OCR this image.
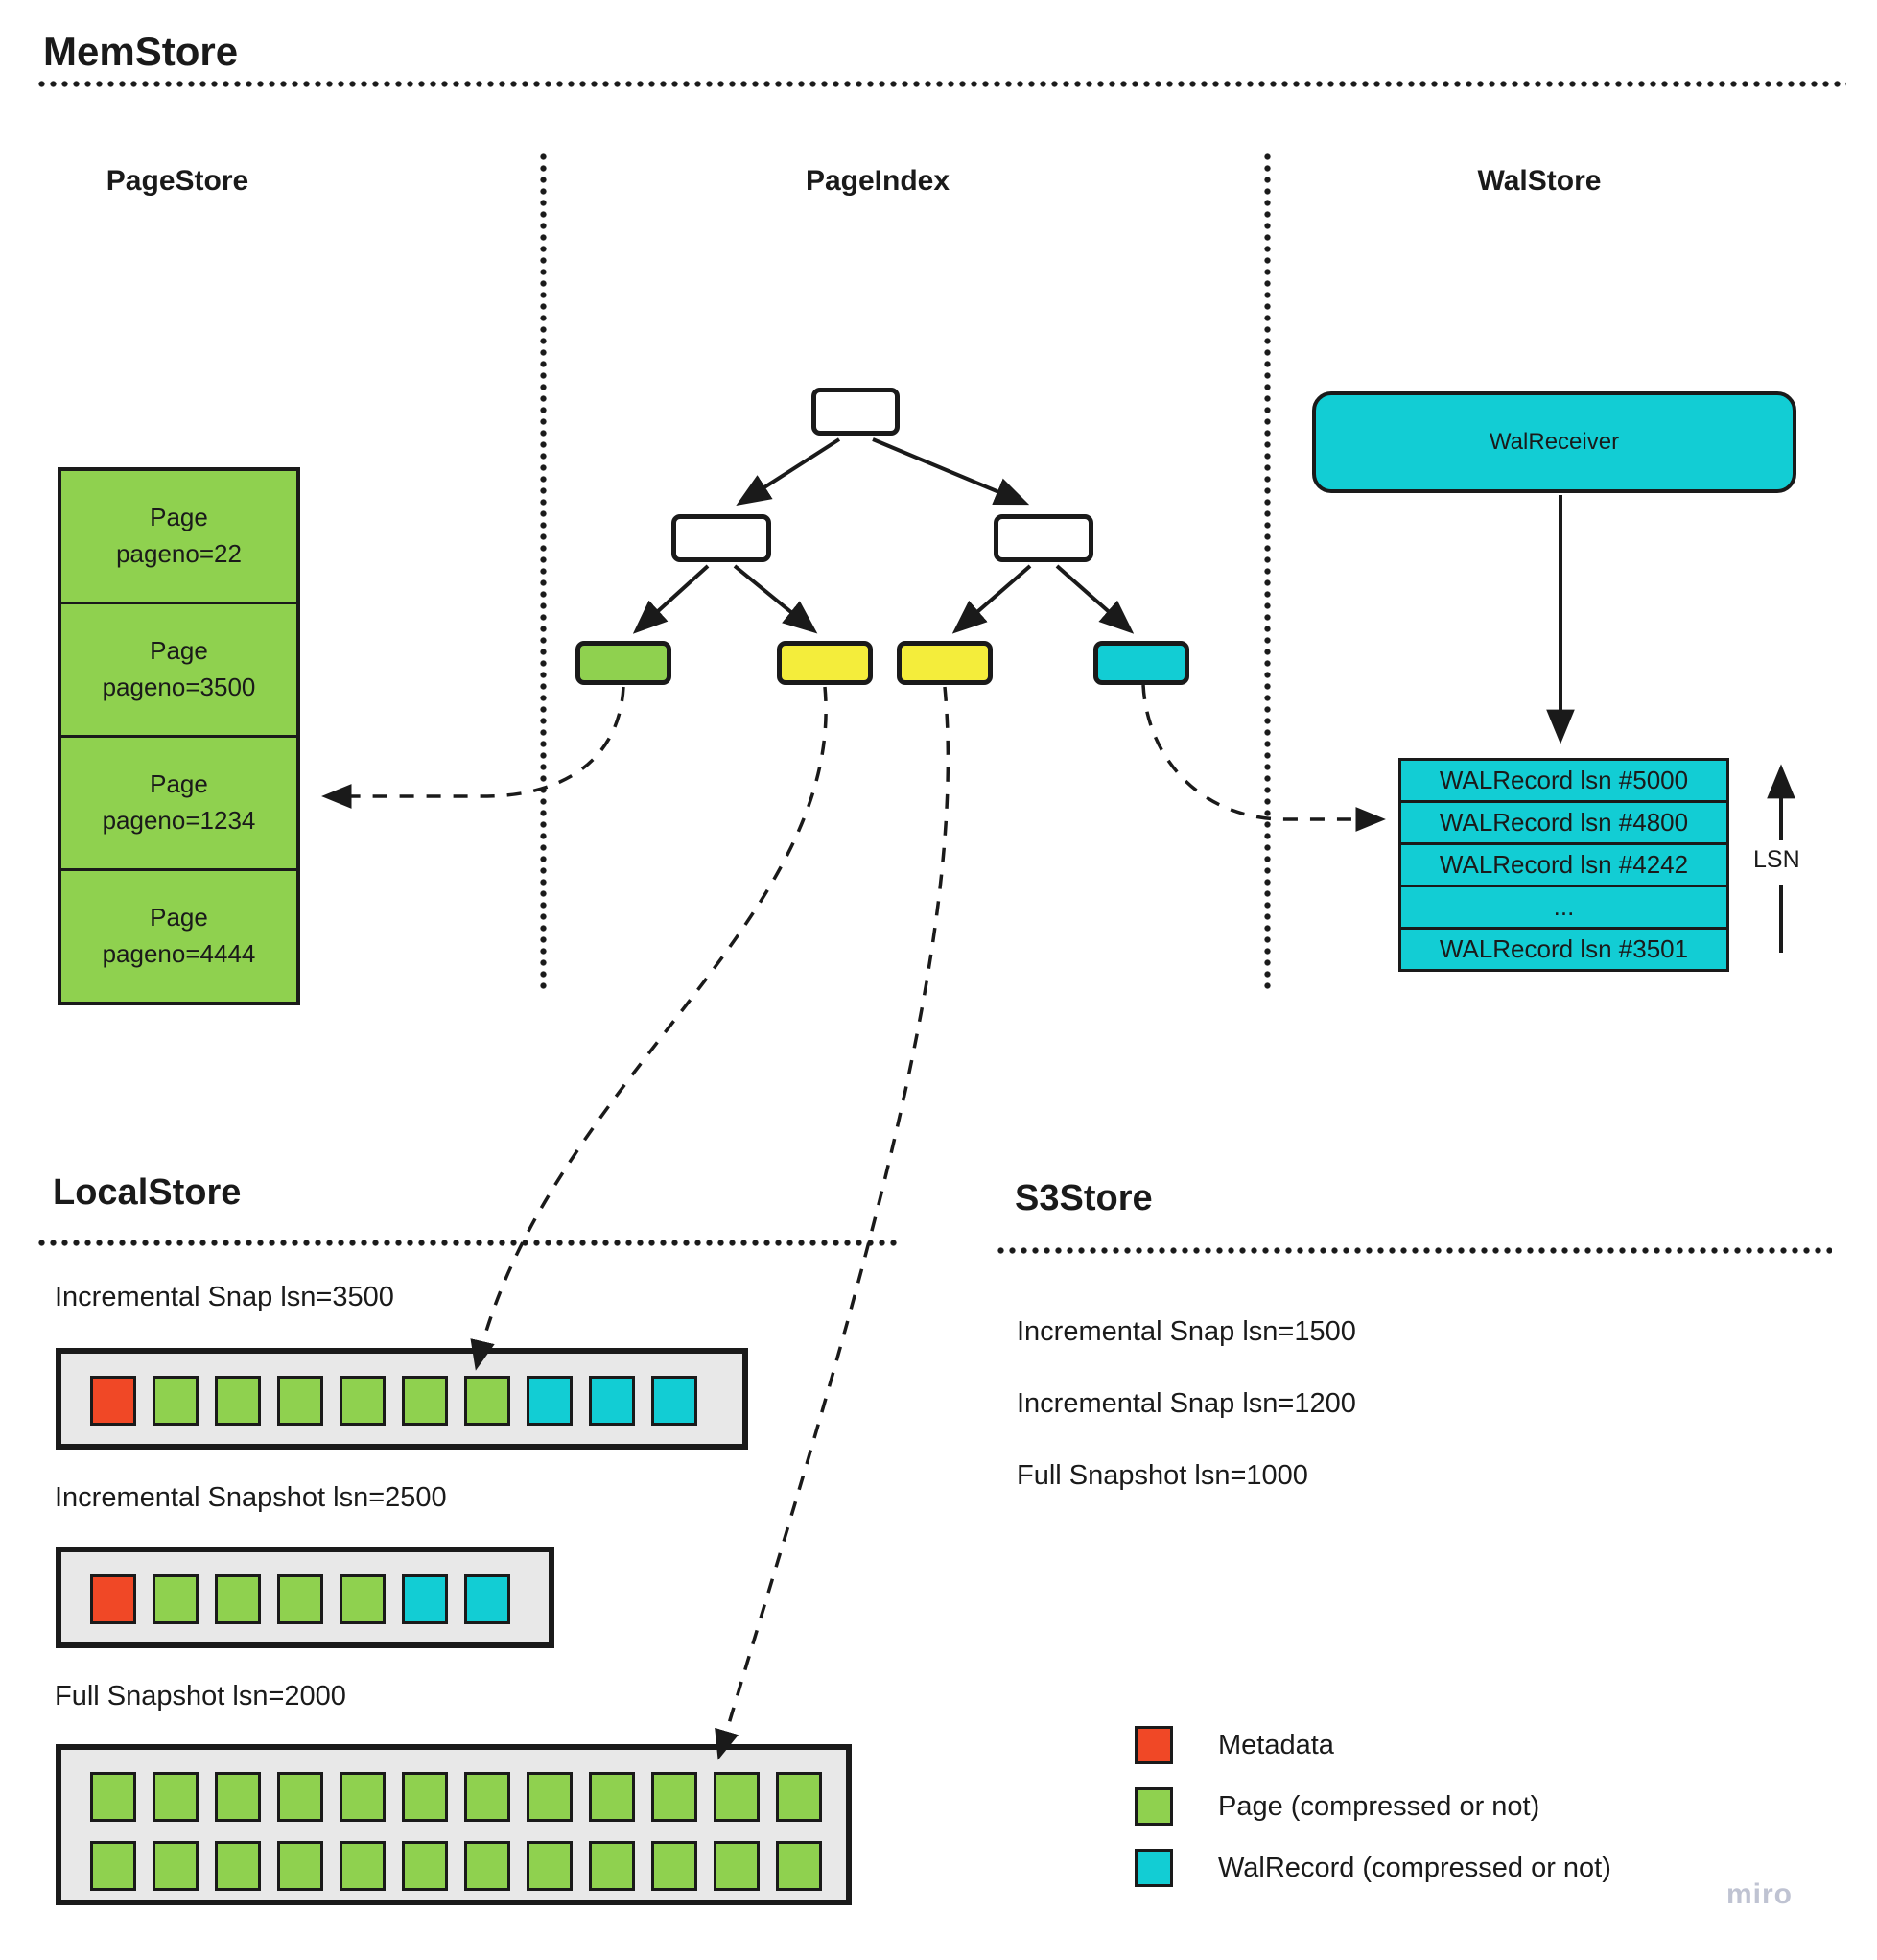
MemStore
PageStore	PageIndex	WalStore
Page
pageno=22
Page
pageno=3500
Page
pageno=1234
Page
pageno=4444
WalReceiver
WALRecord lsn #5000
WALRecord lsn #4800
WALRecord lsn #4242
...
WALRecord lsn #3501
LSN
LocalStore
Incremental Snap lsn=3500
Incremental Snapshot lsn=2500
Full Snapshot lsn=2000
S3Store
Incremental Snap lsn=1500
Incremental Snap lsn=1200
Full Snapshot lsn=1000
Metadata
Page (compressed or not)
WalRecord (compressed or not)
miro
